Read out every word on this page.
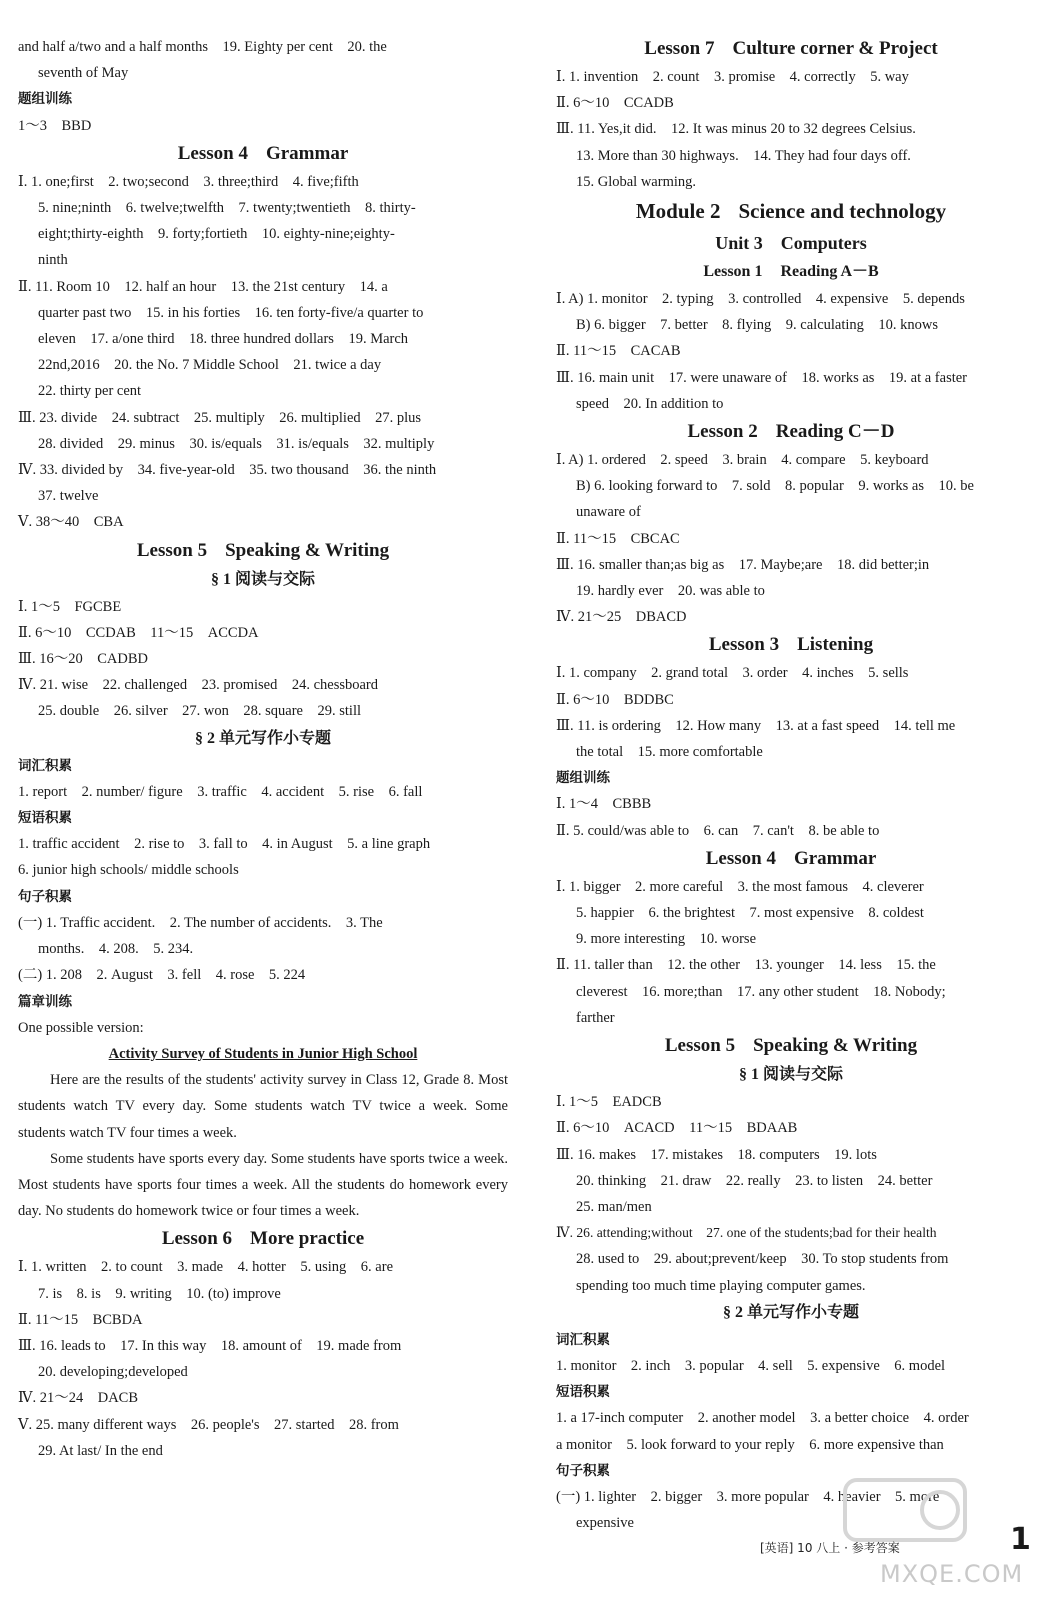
and half a/two and a half months　19. Eighty per cent　20. the
seventh of May
题组训练
1～3　BBD
Lesson 4 Grammar
Ⅰ. 1. one;first　2. two;second　3. three;third　4. five;fifth
5. nine;ninth　6. twelve;twelfth　7. twenty;twentieth　8. thirty-
eight;thirty-eighth　9. forty;fortieth　10. eighty-nine;eighty-
ninth
Ⅱ. 11. Room 10　12. half an hour　13. the 21st century　14. a
quarter past two　15. in his forties　16. ten forty-five/a quarter to
eleven　17. a/one third　18. three hundred dollars　19. March
22nd,2016　20. the No. 7 Middle School　21. twice a day
22. thirty per cent
Ⅲ. 23. divide　24. subtract　25. multiply　26. multiplied　27. plus
28. divided　29. minus　30. is/equals　31. is/equals　32. multiply
Ⅳ. 33. divided by　34. five-year-old　35. two thousand　36. the ninth
37. twelve
Ⅴ. 38～40　CBA
Lesson 5 Speaking & Writing
§ 1 阅读与交际
Ⅰ. 1～5　FGCBE
Ⅱ. 6～10　CCDAB　11～15　ACCDA
Ⅲ. 16～20　CADBD
Ⅳ. 21. wise　22. challenged　23. promised　24. chessboard
25. double　26. silver　27. won　28. square　29. still
§ 2 单元写作小专题
词汇积累
1. report　2. number/ figure　3. traffic　4. accident　5. rise　6. fall
短语积累
1. traffic accident　2. rise to　3. fall to　4. in August　5. a line graph
6. junior high schools/ middle schools
句子积累
(一) 1. Traffic accident.　2. The number of accidents.　3. The
months.　4. 208.　5. 234.
(二) 1. 208　2. August　3. fell　4. rose　5. 224
篇章训练
One possible version:
Activity Survey of Students in Junior High School
Here are the results of the students' activity survey in Class 12, Grade 8. Most students watch TV every day. Some students watch TV twice a week. Some students watch TV four times a week.
Some students have sports every day. Some students have sports twice a week. Most students have sports four times a week. All the students do homework every day. No students do homework twice or four times a week.
Lesson 6 More practice
Ⅰ. 1. written　2. to count　3. made　4. hotter　5. using　6. are
7. is　8. is　9. writing　10. (to) improve
Ⅱ. 11～15　BCBDA
Ⅲ. 16. leads to　17. In this way　18. amount of　19. made from
20. developing;developed
Ⅳ. 21～24　DACB
Ⅴ. 25. many different ways　26. people's　27. started　28. from
29. At last/ In the end
Lesson 7 Culture corner & Project
Ⅰ. 1. invention　2. count　3. promise　4. correctly　5. way
Ⅱ. 6～10　CCADB
Ⅲ. 11. Yes,it did.　12. It was minus 20 to 32 degrees Celsius.
13. More than 30 highways.　14. They had four days off.
15. Global warming.
Module 2 Science and technology
Unit 3 Computers
Lesson 1 Reading A－B
Ⅰ. A) 1. monitor　2. typing　3. controlled　4. expensive　5. depends
B) 6. bigger　7. better　8. flying　9. calculating　10. knows
Ⅱ. 11～15　CACAB
Ⅲ. 16. main unit　17. were unaware of　18. works as　19. at a faster
speed　20. In addition to
Lesson 2 Reading C－D
Ⅰ. A) 1. ordered　2. speed　3. brain　4. compare　5. keyboard
B) 6. looking forward to　7. sold　8. popular　9. works as　10. be
unaware of
Ⅱ. 11～15　CBCAC
Ⅲ. 16. smaller than;as big as　17. Maybe;are　18. did better;in
19. hardly ever　20. was able to
Ⅳ. 21～25　DBACD
Lesson 3 Listening
Ⅰ. 1. company　2. grand total　3. order　4. inches　5. sells
Ⅱ. 6～10　BDDBC
Ⅲ. 11. is ordering　12. How many　13. at a fast speed　14. tell me
the total　15. more comfortable
题组训练
Ⅰ. 1～4　CBBB
Ⅱ. 5. could/was able to　6. can　7. can't　8. be able to
Lesson 4 Grammar
Ⅰ. 1. bigger　2. more careful　3. the most famous　4. cleverer
5. happier　6. the brightest　7. most expensive　8. coldest
9. more interesting　10. worse
Ⅱ. 11. taller than　12. the other　13. younger　14. less　15. the
cleverest　16. more;than　17. any other student　18. Nobody;
farther
Lesson 5 Speaking & Writing
§ 1 阅读与交际
Ⅰ. 1～5　EADCB
Ⅱ. 6～10　ACACD　11～15　BDAAB
Ⅲ. 16. makes　17. mistakes　18. computers　19. lots
20. thinking　21. draw　22. really　23. to listen　24. better
25. man/men
Ⅳ. 26. attending;without　27. one of the students;bad for their health
28. used to　29. about;prevent/keep　30. To stop students from
spending too much time playing computer games.
§ 2 单元写作小专题
词汇积累
1. monitor　2. inch　3. popular　4. sell　5. expensive　6. model
短语积累
1. a 17-inch computer　2. another model　3. a better choice　4. order
a monitor　5. look forward to your reply　6. more expensive than
句子积累
(一) 1. lighter　2. bigger　3. more popular　4. heavier　5. more
expensive
[英语] 10 八上 · 参考答案	1
MXQE.COM
